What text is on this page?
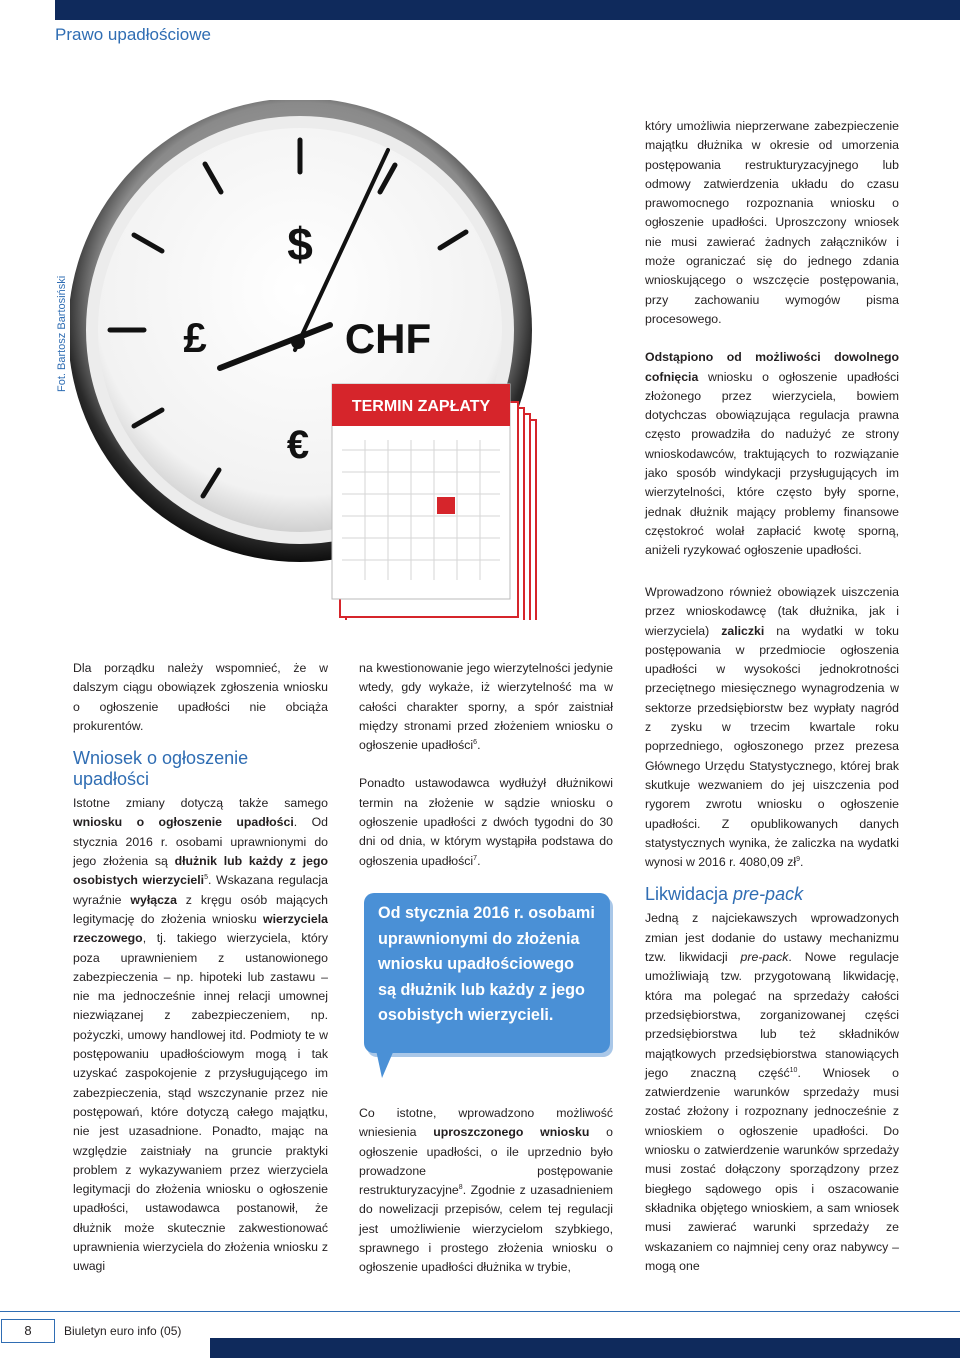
Prawo upadłościowe
Fot. Bartosz Bartosiński
$
£	CHF
€
TERMIN ZAPŁATY

Dla porządku należy wspomnieć, że w dalszym ciągu obowiązek zgłoszenia wniosku o ogłoszenie upadłości nie obciąża prokurentów.

Wniosek o ogłoszenie upadłości

Istotne zmiany dotyczą także samego wniosku o ogłoszenie upadłości. Od stycznia 2016 r. osobami uprawnionymi do jego złożenia są dłużnik lub każdy z jego osobistych wierzycieli$^5$. Wskazana regulacja wyraźnie wyłącza z kręgu osób mających legitymację do złożenia wniosku wierzyciela rzeczowego, tj. takiego wierzyciela, który poza uprawnieniem z ustanowionego zabezpieczenia – np. hipoteki lub zastawu – nie ma jednocześnie innej relacji umownej niezwiązanej z zabezpieczeniem, np. pożyczki, umowy handlowej itd. Podmioty te w postępowaniu upadłościowym mogą i tak uzyskać zaspokojenie z przysługującego im zabezpieczenia, stąd wszczynanie przez nie postępowań, które dotyczą całego majątku, nie jest uzasadnione. Ponadto, mając na względzie zaistniały na gruncie praktyki problem z wykazywaniem przez wierzyciela legitymacji do złożenia wniosku o ogłoszenie upadłości, ustawodawca postanowił, że dłużnik może skutecznie zakwestionować uprawnienia wierzyciela do złożenia wniosku z uwagi

na kwestionowanie jego wierzytelności jedynie wtedy, gdy wykaże, iż wierzytelność ma w całości charakter sporny, a spór zaistniał między stronami przed złożeniem wniosku o ogłoszenie upadłości$^6$.

Ponadto ustawodawca wydłużył dłużnikowi termin na złożenie w sądzie wniosku o ogłoszenie upadłości z dwóch tygodni do 30 dni od dnia, w którym wystąpiła podstawa do ogłoszenia upadłości$^7$.

Od stycznia 2016 r. osobami uprawnionymi do złożenia wniosku upadłościowego są dłużnik lub każdy z jego osobistych wierzycieli.

Co istotne, wprowadzono możliwość wniesienia uproszczonego wniosku o ogłoszenie upadłości, o ile uprzednio było prowadzone postępowanie restrukturyzacyjne$^8$. Zgodnie z uzasadnieniem do nowelizacji przepisów, celem tej regulacji jest umożliwienie wierzycielom szybkiego, sprawnego i prostego złożenia wniosku o ogłoszenie upadłości dłużnika w trybie,

który umożliwia nieprzerwane zabezpieczenie majątku dłużnika w okresie od umorzenia postępowania restrukturyzacyjnego lub odmowy zatwierdzenia układu do czasu prawomocnego rozpoznania wniosku o ogłoszenie upadłości. Uproszczony wniosek nie musi zawierać żadnych załączników i może ograniczać się do jednego zdania wnioskującego o wszczęcie postępowania, przy zachowaniu wymogów pisma procesowego.

Odstąpiono od możliwości dowolnego cofnięcia wniosku o ogłoszenie upadłości złożonego przez wierzyciela, bowiem dotychczas obowiązująca regulacja prawna często prowadziła do nadużyć ze strony wnioskodawców, traktujących to rozwiązanie jako sposób windykacji przysługujących im wierzytelności, które często były sporne, jednak dłużnik mający problemy finansowe częstokroć wolał zapłacić kwotę sporną, aniżeli ryzykować ogłoszenie upadłości.

Wprowadzono również obowiązek uiszczenia przez wnioskodawcę (tak dłużnika, jak i wierzyciela) zaliczki na wydatki w toku postępowania w przedmiocie ogłoszenia upadłości w wysokości jednokrotności przeciętnego miesięcznego wynagrodzenia w sektorze przedsiębiorstw bez wypłaty nagród z zysku w trzecim kwartale roku poprzedniego, ogłoszonego przez prezesa Głównego Urzędu Statystycznego, której brak skutkuje wezwaniem do jej uiszczenia pod rygorem zwrotu wniosku o ogłoszenie upadłości. Z opublikowanych danych statystycznych wynika, że zaliczka na wydatki wynosi w 2016 r. 4080,09 $zł^9$.

Likwidacja pre-pack

Jedną z najciekawszych wprowadzonych zmian jest dodanie do ustawy mechanizmu tzw. likwidacji pre-pack. Nowe regulacje umożliwiają tzw. przygotowaną likwidację, która ma polegać na sprzedaży całości przedsiębiorstwa, zorganizowanej części przedsiębiorstwa lub też składników majątkowych przedsiębiorstwa stanowiących jego znaczną część$^{10}$. Wniosek o zatwierdzenie warunków sprzedaży musi zostać złożony i rozpoznany jednocześnie z wnioskiem o ogłoszenie upadłości. Do wniosku o zatwierdzenie warunków sprzedaży musi zostać dołączony sporządzony przez biegłego sądowego opis i oszacowanie składnika objętego wnioskiem, a sam wniosek musi zawierać warunki sprzedaży ze wskazaniem co najmniej ceny oraz nabywcy – mogą one

8	Biuletyn euro info (05)
